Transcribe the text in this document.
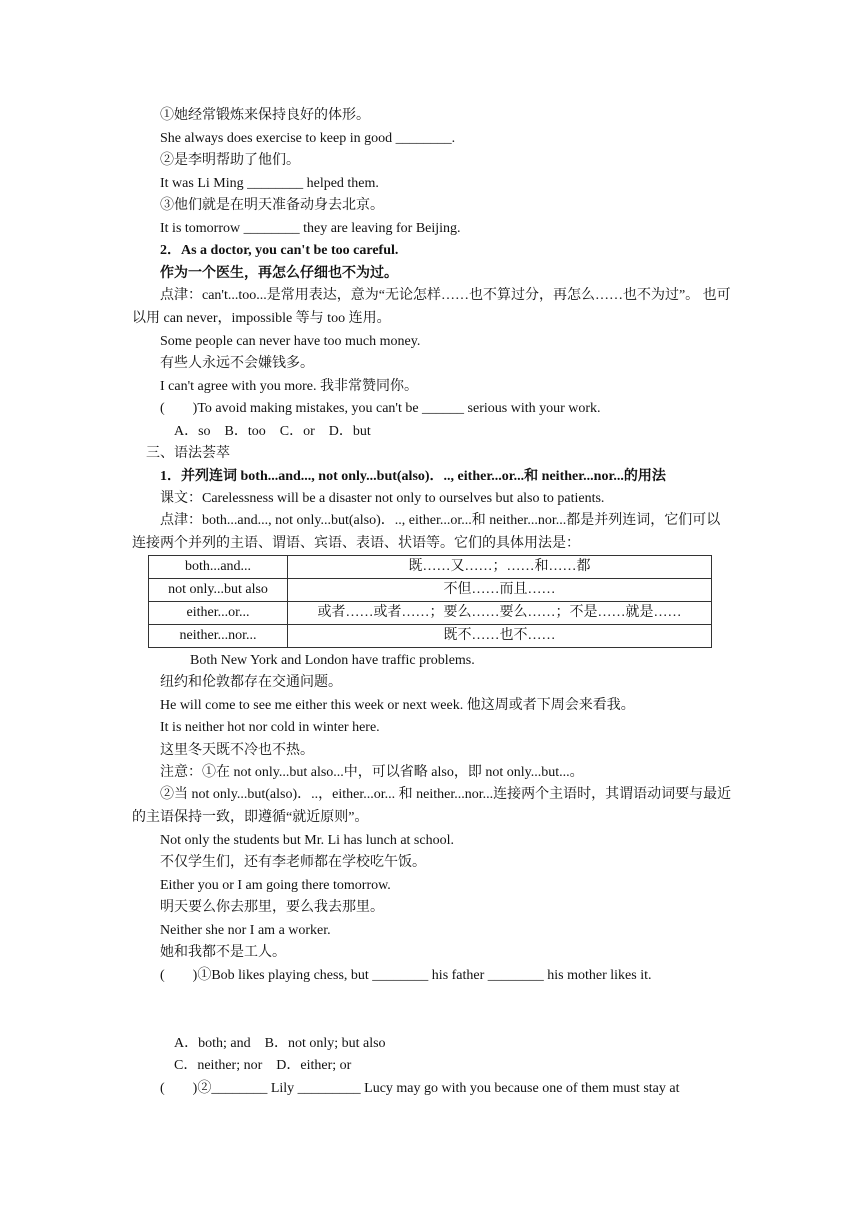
①她经常锻炼来保持良好的体形。
She always does exercise to keep in good ________.
②是李明帮助了他们。
It was Li Ming ________ helped them.
③他们就是在明天准备动身去北京。
It is tomorrow ________ they are leaving for Beijing.
2．As a doctor, you can't be too careful.
作为一个医生，再怎么仔细也不为过。
点津：can't...too...是常用表达，意为“无论怎样……也不算过分，再怎么……也不为过”。 也可以用 can never，impossible 等与 too 连用。
Some people can never have too much money.
有些人永远不会嫌钱多。
I can't agree with you more. 我非常赞同你。
(　　)To avoid making mistakes, you can't be ______ serious with your work.
A．so　B．too　C．or　D．but
三、语法荟萃
1．并列连词 both...and..., not only...but(also)．.., either...or...和 neither...nor...的用法
课文：Carelessness will be a disaster not only to ourselves but also to patients.
点津：both...and..., not only...but(also)．.., either...or...和 neither...nor...都是并列连词，它们可以连接两个并列的主语、谓语、宾语、表语、状语等。它们的具体用法是：
both...and...	既……又……；……和……都
not only...but also	不但……而且……
either...or...	或者……或者……；要么……要么……；不是……就是……
neither...nor...	既不……也不……
Both New York and London have traffic problems.
纽约和伦敦都存在交通问题。
He will come to see me either this week or next week. 他这周或者下周会来看我。
It is neither hot nor cold in winter here.
这里冬天既不冷也不热。
注意：①在 not only...but also...中，可以省略 also，即 not only...but...。
②当 not only...but(also)．..，either...or... 和 neither...nor...连接两个主语时，其谓语动词要与最近的主语保持一致，即遵循“就近原则”。
Not only the students but Mr. Li has lunch at school.
不仅学生们，还有李老师都在学校吃午饭。
Either you or I am going there tomorrow.
明天要么你去那里，要么我去那里。
Neither she nor I am a worker.
她和我都不是工人。
(　　)①Bob likes playing chess, but ________ his father ________ his mother likes it.
A．both; and　B．not only; but also
C．neither; nor　D．either; or
(　　)②________ Lily _________ Lucy may go with you because one of them must stay at
